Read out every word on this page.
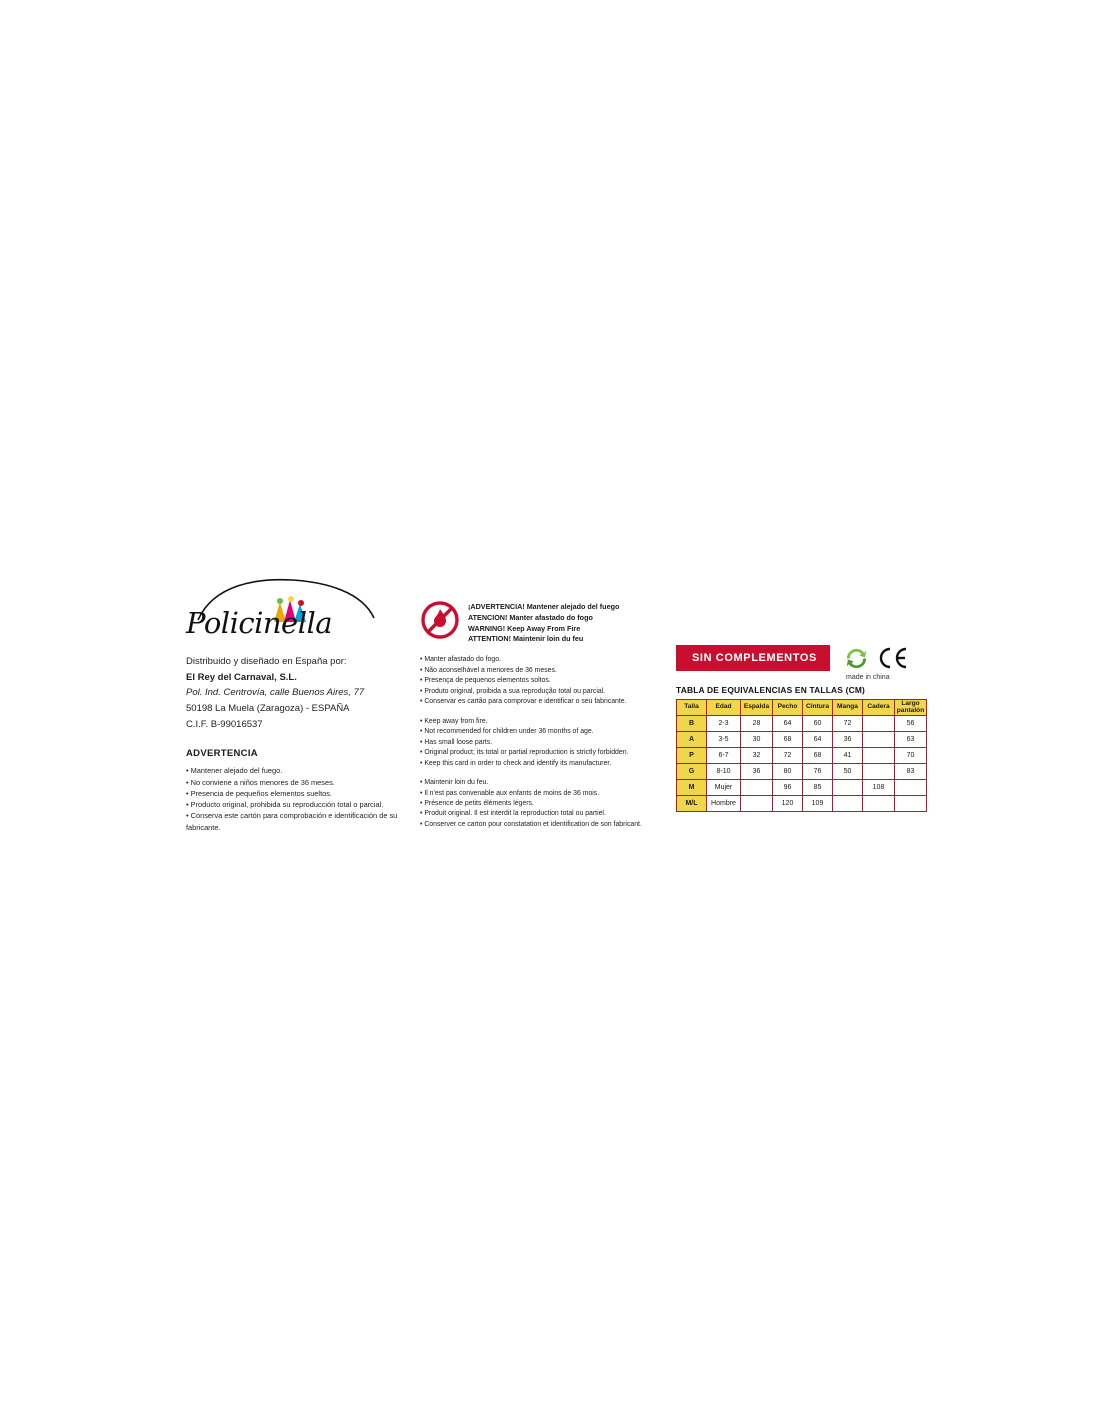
Policinella
Distribuido y diseñado en España por:
El Rey del Carnaval, S.L.
Pol. Ind. Centrovía, calle Buenos Aires, 77
50198 La Muela (Zaragoza) - ESPAÑA
C.I.F. B-99016537
ADVERTENCIA
• Mantener alejado del fuego.
• No conviene a niños menores de 36 meses.
• Presencia de pequeños elementos sueltos.
• Producto original, prohibida su reproducción total o parcial.
• Conserva este cartón para comprobación e identificación de su fabricante.
¡ADVERTENCIA! Mantener alejado del fuego
ATENCION! Manter afastado do fogo
WARNING! Keep Away From Fire
ATTENTION! Maintenir loin du feu
• Manter afastado do fogo.
• Não aconselhável a menores de 36 meses.
• Presença de pequenos elementos soltos.
• Produto original, proibida a sua reprodução total ou parcial.
• Conservar es cartão para comprovar e identificar o seu fabricante.
• Keep away from fire.
• Not recommended for children under 36 months of age.
• Has small loose parts.
• Original product; its total or partial reproduction is strictly forbidden.
• Keep this card in order to check and identify its manufacturer.
• Maintenir loin du feu.
• Il n'est pas convenable aux enfants de moins de 36 mois.
• Présence de petits éléments légers.
• Produit original. Il est interdit la reproduction total ou partiel.
• Conserver ce carton pour constatation et identification de son fabricant.
SIN COMPLEMENTOS
made in china
TABLA DE EQUIVALENCIAS EN TALLAS (CM)
Talla	Edad	Espalda	Pecho	Cintura	Manga	Cadera	Largo pantalón
B	2-3	28	64	60	72		56
A	3-5	30	68	64	36		63
P	6-7	32	72	68	41		70
G	8-10	36	80	76	50		83
M	Mujer		96	85		108	
M/L	Hombre		120	109			
